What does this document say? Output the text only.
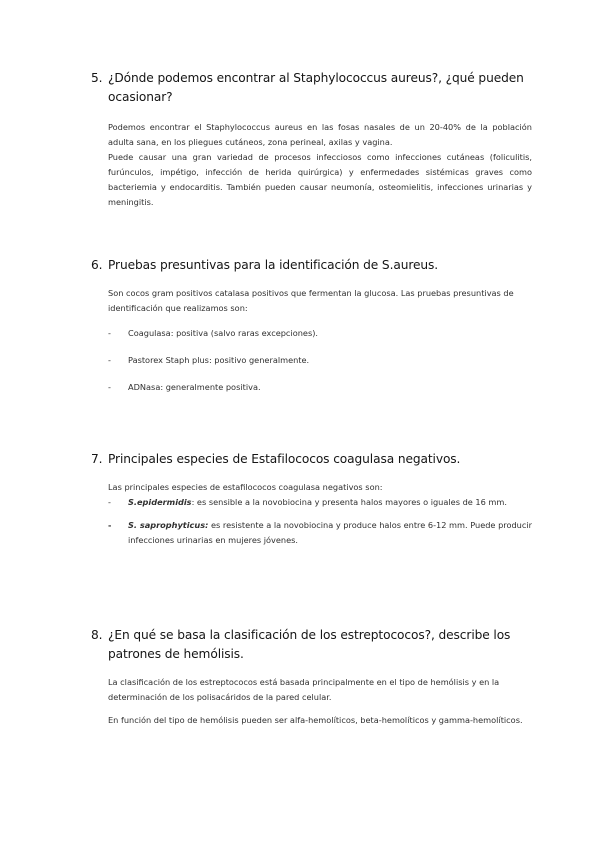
5. ¿Dónde podemos encontrar al Staphylococcus aureus?, ¿qué pueden ocasionar?

Podemos encontrar el Staphylococcus aureus en las fosas nasales de un 20-40% de la población adulta sana, en los pliegues cutáneos, zona perineal, axilas y vagina.

Puede causar una gran variedad de procesos infecciosos como infecciones cutáneas (foliculitis, furúnculos, impétigo, infección de herida quirúrgica) y enfermedades sistémicas graves como bacteriemia y endocarditis. También pueden causar neumonía, osteomielitis, infecciones urinarias y meningitis.

6. Pruebas presuntivas para la identificación de S.aureus.

Son cocos gram positivos catalasa positivos que fermentan la glucosa. Las pruebas presuntivas de identificación que realizamos son:

-	Coagulasa: positiva (salvo raras excepciones).
-	Pastorex Staph plus: positivo generalmente.
-	ADNasa: generalmente positiva.
7. Principales especies de Estafilococos coagulasa negativos.

Las principales especies de estafilococos coagulasa negativos son:

-	S.epidermidis: es sensible a la novobiocina y presenta halos mayores o iguales de 16 mm.
-	S. saprophyticus: es resistente a la novobiocina y produce halos entre 6-12 mm. Puede producir infecciones urinarias en mujeres jóvenes.
8. ¿En qué se basa la clasificación de los estreptococos?, describe los patrones de hemólisis.

La clasificación de los estreptococos está basada principalmente en el tipo de hemólisis y en la determinación de los polisacáridos de la pared celular.

En función del tipo de hemólisis pueden ser alfa-hemolíticos, beta-hemolíticos y gamma-hemolíticos.
